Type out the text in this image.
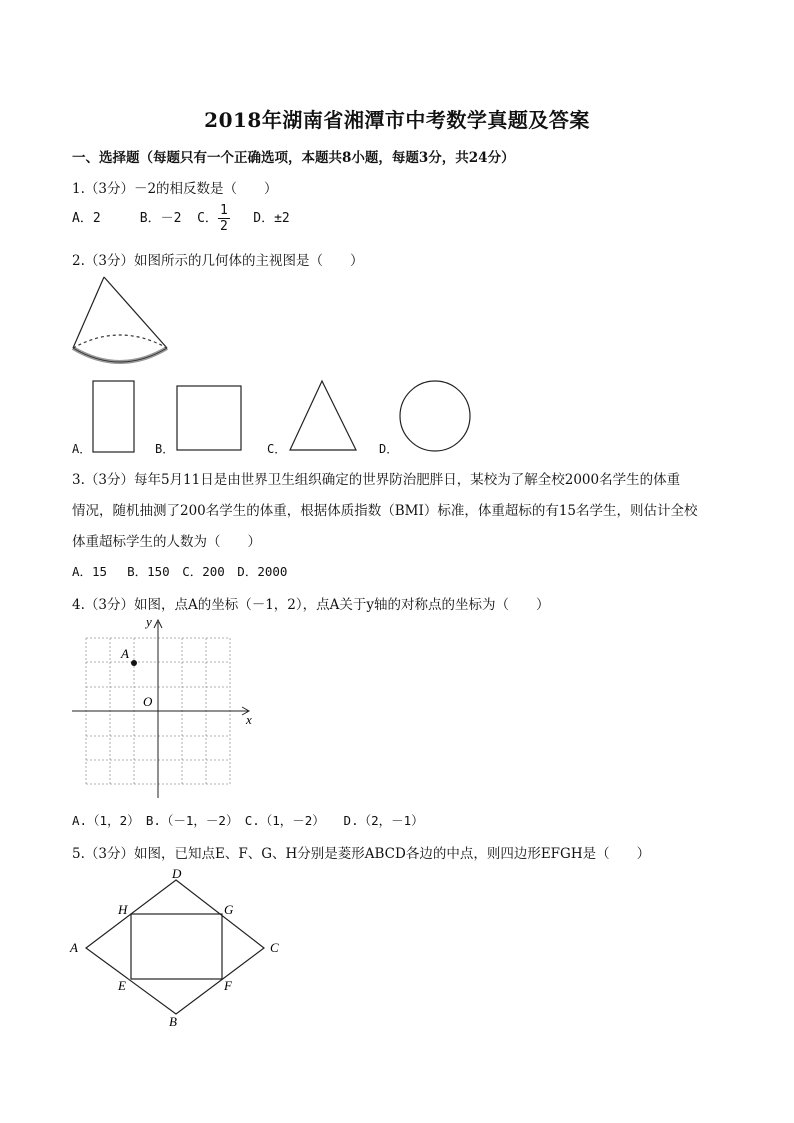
2018年湖南省湘潭市中考数学真题及答案
一、选择题（每题只有一个正确选项，本题共8小题，每题3分，共24分）
1.（3分）－2的相反数是（　　）
A．2	B．－2 C． $\frac{1}{2}$ D．±2
2.（3分）如图所示的几何体的主视图是（　　）
A．	B．	C．	D．
3.（3分）每年5月11日是由世界卫生组织确定的世界防治肥胖日，某校为了解全校2000名学生的体重
情况，随机抽测了200名学生的体重，根据体质指数（BMI）标准，体重超标的有15名学生，则估计全校
体重超标学生的人数为（　　）
A．15　 B．150　C．200　D．2000
4.（3分）如图，点A的坐标（－1，2），点A关于y轴的对称点的坐标为（　　）
x
y
O
A
A.（1，2）　B.（－1，－2）　C.（1，－2）　　D.（2，－1）
5.（3分）如图，已知点E、F、G、H分别是菱形ABCD各边的中点，则四边形EFGH是（　　）
D
C
B
A
G
H
E	F
